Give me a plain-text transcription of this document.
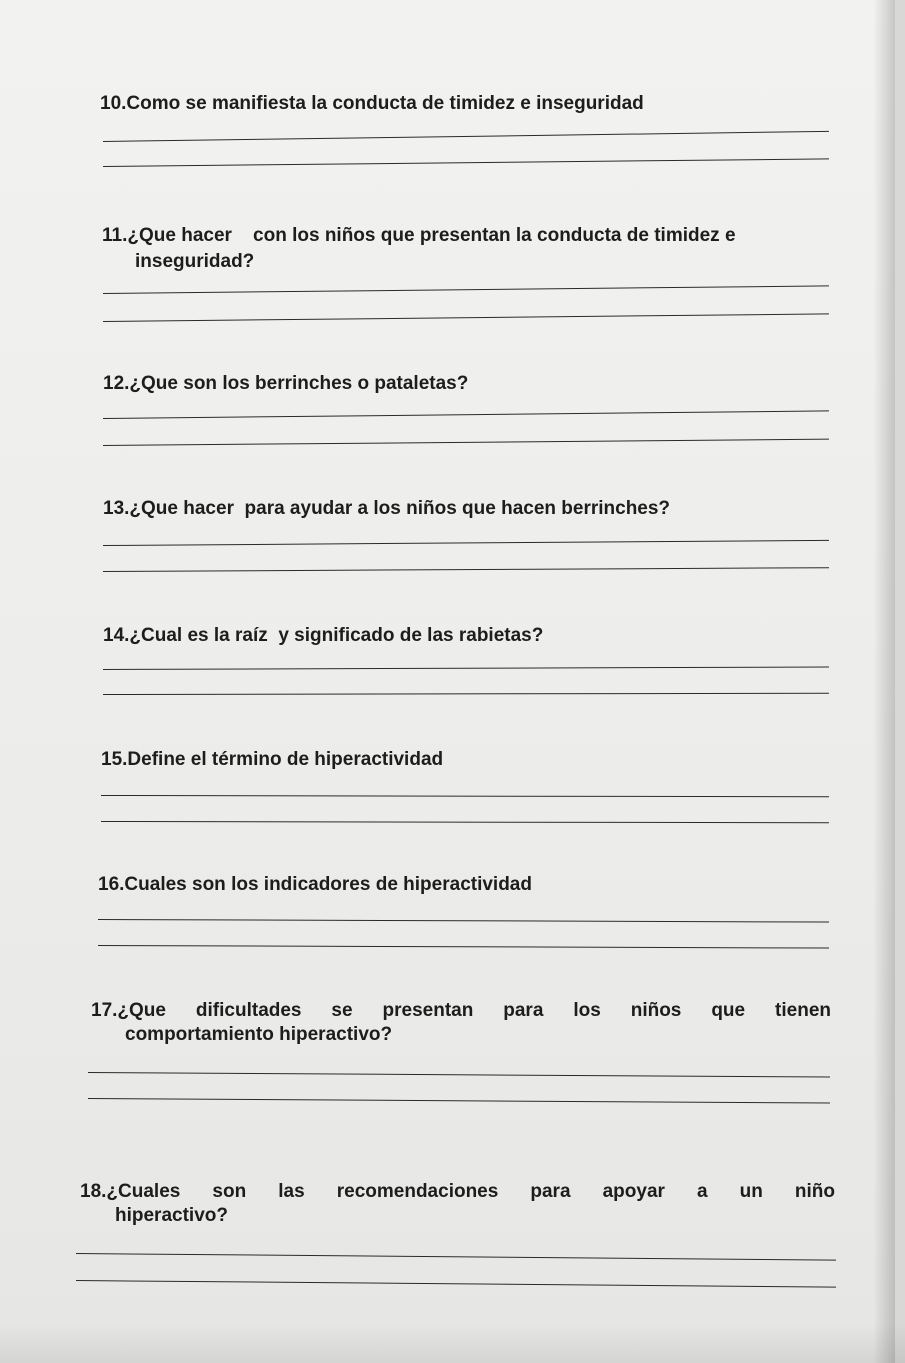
10.Como se manifiesta la conducta de timidez e inseguridad
11.¿Que hacer    con los niños que presentan la conducta de timidez e
inseguridad?
12.¿Que son los berrinches o pataletas?
13.¿Que hacer  para ayudar a los niños que hacen berrinches?
14.¿Cual es la raíz  y significado de las rabietas?
15.Define el término de hiperactividad
16.Cuales son los indicadores de hiperactividad
17.¿Que dificultades se presentan para los niños que tienen
comportamiento hiperactivo?
18.¿Cuales son las recomendaciones para apoyar a un niño
hiperactivo?
